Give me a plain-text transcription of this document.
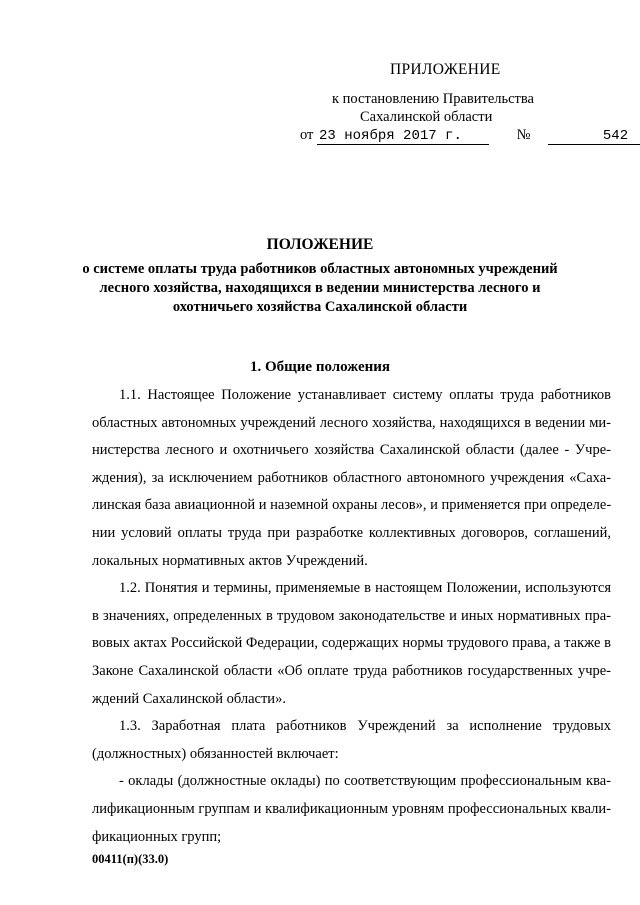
ПРИЛОЖЕНИЕ
к постановлению Правительства
Сахалинской области
от 23 ноября 2017 г.	№	542
ПОЛОЖЕНИЕ
о системе оплаты труда работников областных автономных учреждений
лесного хозяйства, находящихся в ведении министерства лесного и
охотничьего хозяйства Сахалинской области
1. Общие положения
1.1. Настоящее Положение устанавливает систему оплаты труда работников
областных автономных учреждений лесного хозяйства, находящихся в ведении ми-
нистерства лесного и охотничьего хозяйства Сахалинской области (далее - Учре-
ждения), за исключением работников областного автономного учреждения «Саха-
линская база авиационной и наземной охраны лесов», и применяется при определе-
нии условий оплаты труда при разработке коллективных договоров, соглашений,
локальных нормативных актов Учреждений.
1.2. Понятия и термины, применяемые в настоящем Положении, используются
в значениях, определенных в трудовом законодательстве и иных нормативных пра-
вовых актах Российской Федерации, содержащих нормы трудового права, а также в
Законе Сахалинской области «Об оплате труда работников государственных учре-
ждений Сахалинской области».
1.3. Заработная плата работников Учреждений за исполнение трудовых
(должностных) обязанностей включает:
- оклады (должностные оклады) по соответствующим профессиональным ква-
лификационным группам и квалификационным уровням профессиональных квали-
фикационных групп;
00411(п)(33.0)
